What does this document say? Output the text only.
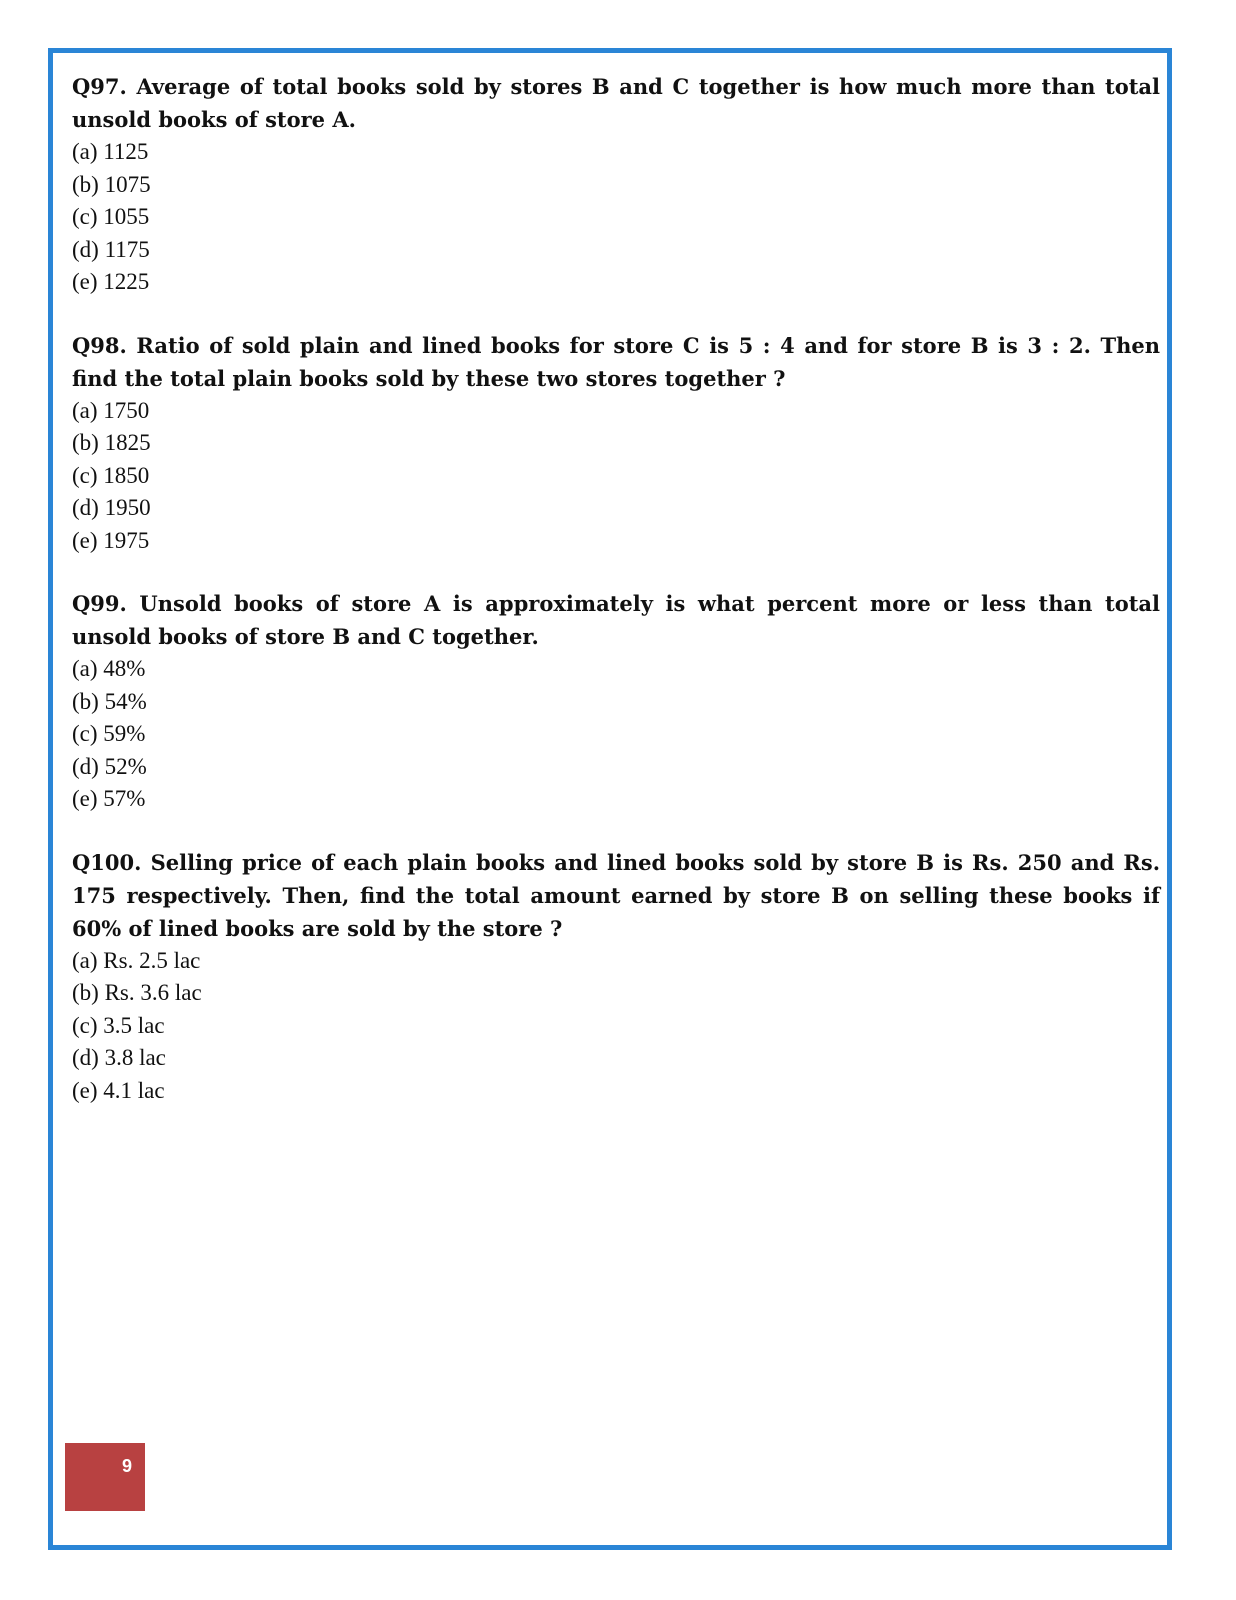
Q97. Average of total books sold by stores B and C together is how much more than total unsold books of store A.

(a) 1125

(b) 1075

(c) 1055

(d) 1175

(e) 1225

Q98. Ratio of sold plain and lined books for store C is 5 : 4 and for store B is 3 : 2. Then find the total plain books sold by these two stores together ?

(a) 1750

(b) 1825

(c) 1850

(d) 1950

(e) 1975

Q99. Unsold books of store A is approximately is what percent more or less than total unsold books of store B and C together.

(a) 48%

(b) 54%

(c) 59%

(d) 52%

(e) 57%

Q100. Selling price of each plain books and lined books sold by store B is Rs. 250 and Rs. 175 respectively. Then, find the total amount earned by store B on selling these books if 60% of lined books are sold by the store ?

(a) Rs. 2.5 lac

(b) Rs. 3.6 lac

(c) 3.5 lac

(d) 3.8 lac

(e) 4.1 lac

9
